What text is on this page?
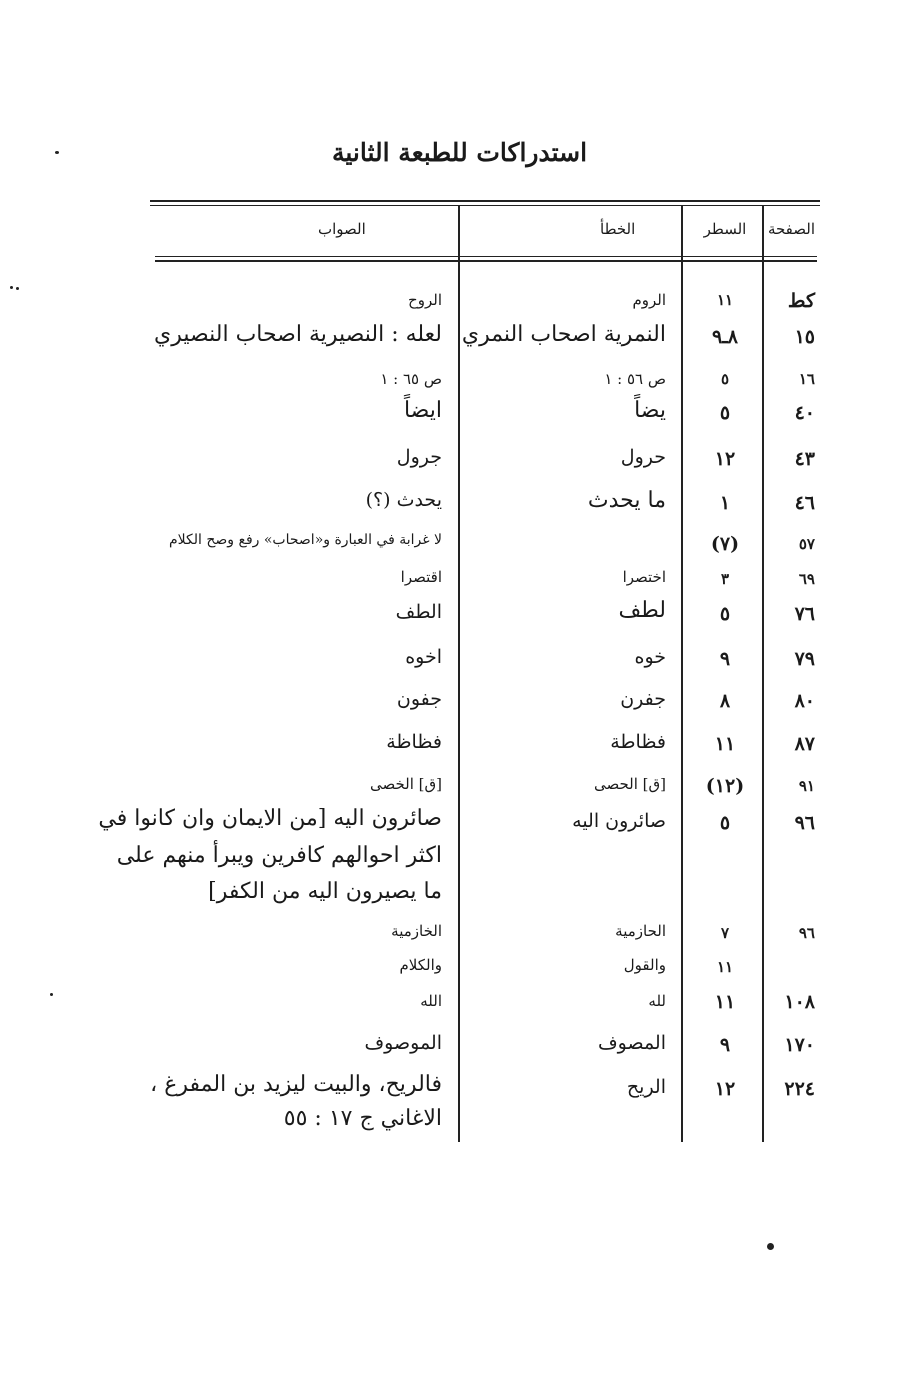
استدراكات للطبعة الثانية
الصفحة
السطر
الخطأ
الصواب
كط
١١
الروم
الروح
١٥
٨ـ٩
النمرية اصحاب النمري
لعله : النصيرية اصحاب النصيري
١٦
٥
ص ٥٦ : ١
ص ٦٥ : ١
٤٠
٥
يضاً
ايضاً
٤٣
١٢
حرول
جرول
٤٦
١
ما يحدث
يحدث (؟)
٥٧
(٧)
لا غرابة في العبارة و«اصحاب» رفع وصح الكلام
٦٩
٣
اختصرا
اقتصرا
٧٦
٥
لطف
الطف
٧٩
٩
خوه
اخوه
٨٠
٨
جفرن
جفون
٨٧
١١
فظاطة
فظاظة
٩١
(١٢)
[ق] الحصى
[ق] الخصى
٩٦
٥
صائرون اليه
صائرون اليه [من الايمان وان كانوا في
اكثر احوالهم كافرين ويبرأ منهم على
ما يصيرون اليه من الكفر]
٩٦
٧
الحازمية
الخازمية
١١
والقول
والكلام
١٠٨
١١
لله
الله
١٧٠
٩
المصوف
الموصوف
٢٢٤
١٢
الريح
فالريح، والبيت ليزيد بن المفرغ ،
الاغاني ج ١٧ : ٥٥
